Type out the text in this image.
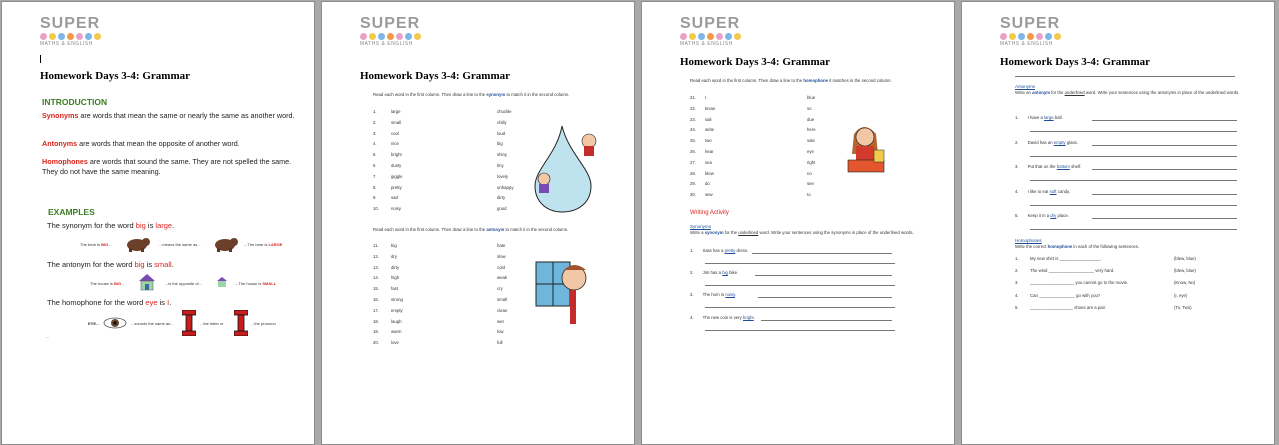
SUPER
MATHS & ENGLISH
Homework Days 3-4: Grammar
INTRODUCTION
Synonyms are words that mean the same or nearly the same as another word.
Antonyms are words that mean the opposite of another word.
Homophones are words that sound the same. They are not spelled the same. They do not have the same meaning.
EXAMPLES
The synonym for the word big is large.
The bear is BIG...	...means the same as...	...The bear is LARGE
The antonym for the word big is small.
The house is BIG...	...is the opposite of...	...The house is SMALL
The homophone for the word eye is I.
EYE...	...sounds the same as...	...the letter or	...the pronoun
...
SUPER
MATHS & ENGLISH
Homework Days 3-4: Grammar
Read each word in the first column. Then draw a line to the synonym to match it in the second column.
Read each word in the first column. Then draw a line to the antonym to match it in the second column.
1.	large	chuckle
2.	small	chilly
3.	cool	loud
4.	nice	big
5.	bright	shiny
6.	dusty	tiny
7.	giggle	lovely
8.	pretty	unhappy
9.	sad	dirty
10.	noisy	good
11.	big	hate
12.	dry	slow
13.	dirty	cold
14.	high	weak
15.	fast	cry
16.	strong	small
17.	empty	clean
18.	laugh	wet
19.	warm	low
20.	love	full
SUPER
MATHS & ENGLISH
Homework Days 3-4: Grammar
Read each word in the first column. Then draw a line to the homophone it matches in the second column.
Writing Activity
Synonyms
Write a synonym for the underlined word. Write your sentences using the synonyms in place of the underlined words.
21. I	blue
22. know	so
23. sail	due
24. write	here
25. two	sale
26. hear	eye
27. sea	right
28. blew	no
29. do	see
30. sew	to
1. Sara has a pretty dress.
2. Jim has a big bike.
3. The horn is noisy.
4. The new coin is very bright.
SUPER
MATHS & ENGLISH
Homework Days 3-4: Grammar
Antonyms
Write an antonym for the underlined word. Write your sentences using the antonyms in place of the underlined words.
Homophones
Write the correct homophone in each of the following sentences.
1. I have a large ball.
2. David has an empty glass.
3. Put that on the bottom shelf.
4. I like to eat soft candy.
5. Keep it in a dry place.
1.	My new shirt is _________________.	(blew, blue)
2.	The wind ___________________ very hard.	(blew, blue)
3.	__________________, you cannot go to the movie.	(Know, No)
4.	Can _______________ go with you?	(I, eye)
5.	__________________ shoes are a pair.	(To, Two)
